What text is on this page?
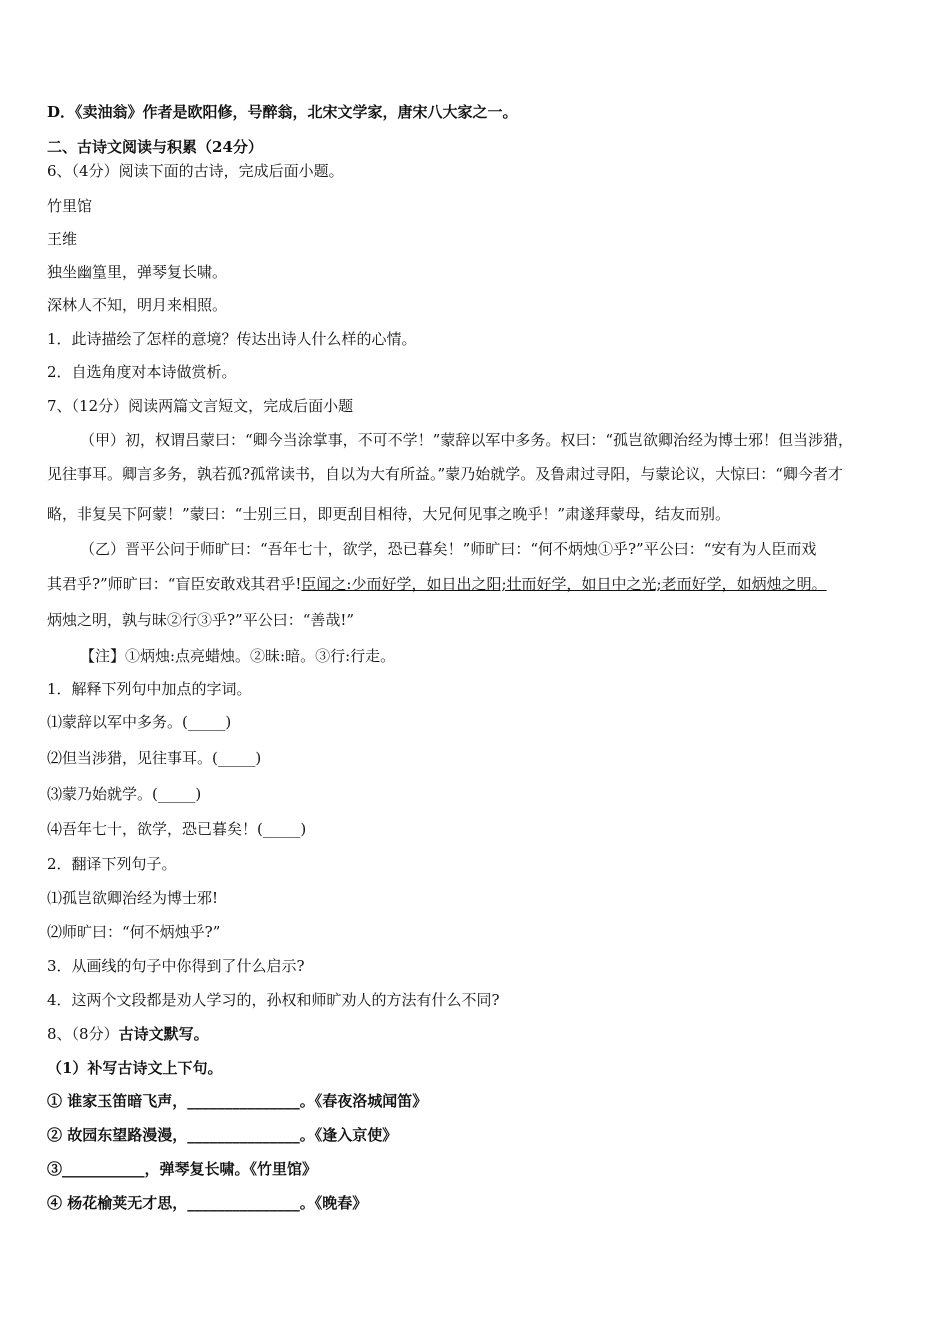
D．《卖油翁》作者是欧阳修，号醉翁，北宋文学家，唐宋八大家之一。
二、古诗文阅读与积累（24分）
6、（4分）阅读下面的古诗，完成后面小题。
竹里馆
王维
独坐幽篁里，弹琴复长啸。
深林人不知，明月来相照。
1．此诗描绘了怎样的意境？传达出诗人什么样的心情。
2．自选角度对本诗做赏析。
7、（12分）阅读两篇文言短文，完成后面小题
（甲）初，权谓吕蒙曰：“卿今当涂掌事，不可不学！”蒙辞以军中多务。权曰：“孤岂欲卿治经为博士邪！但当涉猎，
见往事耳。卿言多务，孰若孤?孤常读书，自以为大有所益。”蒙乃始就学。及鲁肃过寻阳，与蒙论议，大惊曰：“卿今者才
略，非复吴下阿蒙！”蒙曰：“士别三日，即更刮目相待，大兄何见事之晚乎！”肃遂拜蒙母，结友而别。
（乙）晋平公问于师旷曰：“吾年七十，欲学，恐已暮矣！”师旷曰：“何不炳烛①乎?”平公曰：“安有为人臣而戏
其君乎?”师旷曰：“盲臣安敢戏其君乎!臣闻之:少而好学，如日出之阳;壮而好学，如日中之光;老而好学，如炳烛之明。
炳烛之明，孰与昧②行③乎?”平公曰：“善哉!”
【注】①炳烛:点亮蜡烛。②昧:暗。③行:行走。
1．解释下列句中加点的字词。
⑴蒙辞以军中多务。(_____)
⑵但当涉猎，见往事耳。(_____)
⑶蒙乃始就学。(_____)
⑷吾年七十，欲学，恐已暮矣！(_____)
2．翻译下列句子。
⑴孤岂欲卿治经为博士邪!
⑵师旷曰：“何不炳烛乎?”
3．从画线的句子中你得到了什么启示?
4．这两个文段都是劝人学习的，孙权和师旷劝人的方法有什么不同?
8、（8分）古诗文默写。
（1）补写古诗文上下句。
① 谁家玉笛暗飞声，_______________。《春夜洛城闻笛》
② 故园东望路漫漫，_______________。《逢入京使》
③___________，弹琴复长啸。《竹里馆》
④ 杨花榆荚无才思，_______________。《晚春》
